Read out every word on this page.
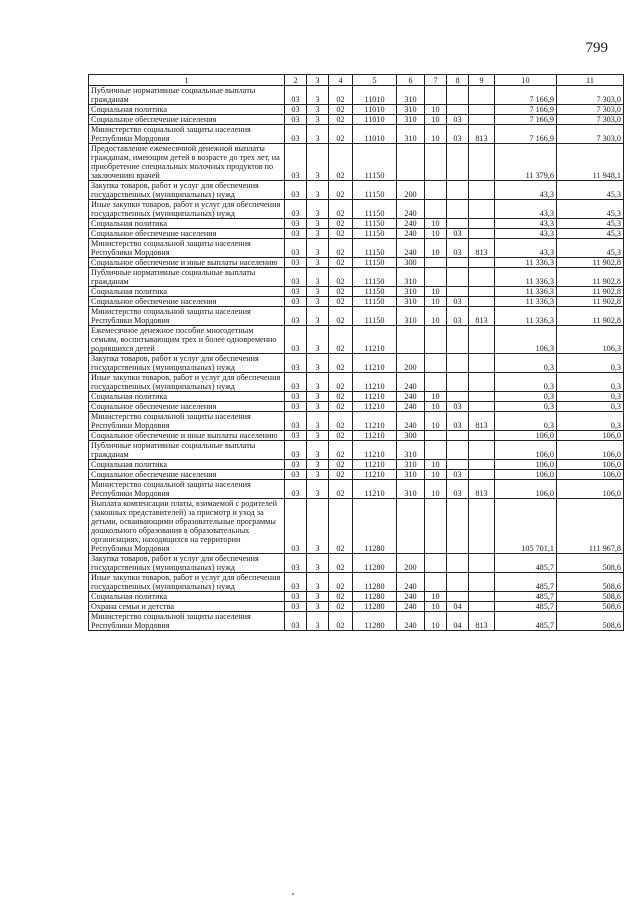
799
1	2	3	4	5	6	7	8	9	10	11
Публичные нормативные социальные выплаты гражданам	03	3	02	11010	310				7 166,9	7 303,0
Социальная политика	03	3	02	11010	310	10			7 166,9	7 303,0
Социальное обеспечение населения	03	3	02	11010	310	10	03		7 166,9	7 303,0
Министерство социальной защиты населения Республики Мордовия	03	3	02	11010	310	10	03	813	7 166,9	7 303,0
Предоставление ежемесячной денежной выплаты гражданам, имеющим детей в возрасте до трех лет, на приобретение специальных молочных продуктов по заключению врачей	03	3	02	11150					11 379,6	11 948,1
Закупка товаров, работ и услуг для обеспечения государственных (муниципальных) нужд	03	3	02	11150	200				43,3	45,3
Иные закупки товаров, работ и услуг для обеспечения государственных (муниципальных) нужд	03	3	02	11150	240				43,3	45,3
Социальная политика	03	3	02	11150	240	10			43,3	45,3
Социальное обеспечение населения	03	3	02	11150	240	10	03		43,3	45,3
Министерство социальной защиты населения Республики Мордовия	03	3	02	11150	240	10	03	813	43,3	45,3
Социальное обеспечение и иные выплаты населению	03	3	02	11150	300				11 336,3	11 902,8
Публичные нормативные социальные выплаты гражданам	03	3	02	11150	310				11 336,3	11 902,8
Социальная политика	03	3	02	11150	310	10			11 336,3	11 902,8
Социальное обеспечение населения	03	3	02	11150	310	10	03		11 336,3	11 902,8
Министерство социальной защиты населения Республики Мордовия	03	3	02	11150	310	10	03	813	11 336,3	11 902,8
Ежемесячное денежное пособие многодетным семьям, воспитывающим трех и более одновременно родившихся детей	03	3	02	11210					106,3	106,3
Закупка товаров, работ и услуг для обеспечения государственных (муниципальных) нужд	03	3	02	11210	200				0,3	0,3
Иные закупки товаров, работ и услуг для обеспечения государственных (муниципальных) нужд	03	3	02	11210	240				0,3	0,3
Социальная политика	03	3	02	11210	240	10			0,3	0,3
Социальное обеспечение населения	03	3	02	11210	240	10	03		0,3	0,3
Министерство социальной защиты населения Республики Мордовия	03	3	02	11210	240	10	03	813	0,3	0,3
Социальное обеспечение и иные выплаты населению	03	3	02	11210	300				106,0	106,0
Публичные нормативные социальные выплаты гражданам	03	3	02	11210	310				106,0	106,0
Социальная политика	03	3	02	11210	310	10			106,0	106,0
Социальное обеспечение населения	03	3	02	11210	310	10	03		106,0	106,0
Министерство социальной защиты населения Республики Мордовия	03	3	02	11210	310	10	03	813	106,0	106,0
Выплата компенсации платы, взимаемой с родителей (законных представителей) за присмотр и уход за детьми, осваивающими образовательные программы дошкольного образования в образовательных организациях, находящихся на территории Республики Мордовия	03	3	02	11280					105 701,1	111 967,8
Закупка товаров, работ и услуг для обеспечения государственных (муниципальных) нужд	03	3	02	11280	200				485,7	508,6
Иные закупки товаров, работ и услуг для обеспечения государственных (муниципальных) нужд	03	3	02	11280	240				485,7	508,6
Социальная политика	03	3	02	11280	240	10			485,7	508,6
Охрана семьи и детства	03	3	02	11280	240	10	04		485,7	508,6
Министерство социальной защиты населения Республики Мордовия	03	3	02	11280	240	10	04	813	485,7	508,6
